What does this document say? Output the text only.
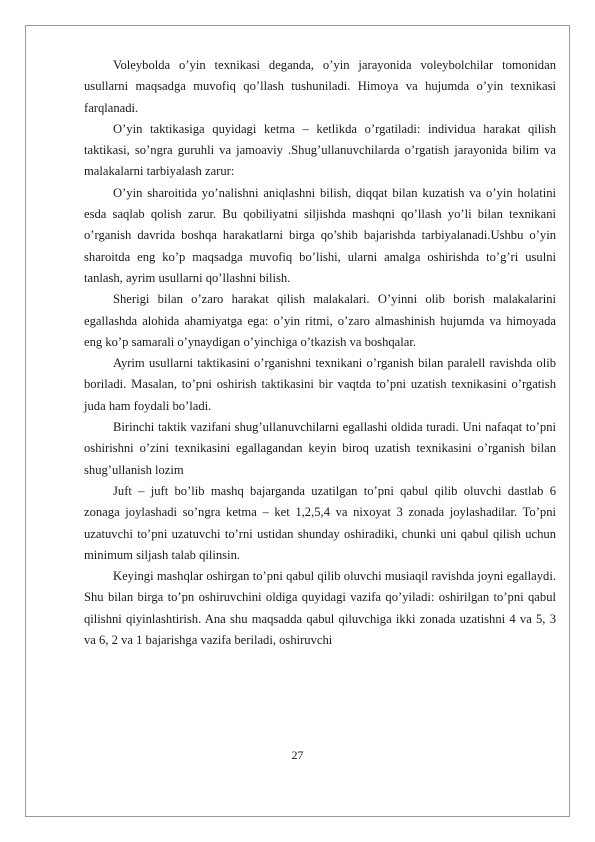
Voleybolda o’yin texnikasi deganda, o’yin jarayonida voleybolchilar tomonidan usullarni maqsadga muvofiq qo’llash tushuniladi. Himoya va hujumda o’yin texnikasi farqlanadi.

O’yin taktikasiga quyidagi ketma – ketlikda o’rgatiladi: individua harakat qilish taktikasi, so’ngra guruhli va jamoaviy .Shug’ullanuvchilarda o’rgatish jarayonida bilim va malakalarni tarbiyalash zarur:

O’yin sharoitida yo’nalishni aniqlashni bilish, diqqat bilan kuzatish va o’yin holatini esda saqlab qolish zarur. Bu qobiliyatni siljishda mashqni qo’llash yo’li bilan texnikani o’rganish davrida boshqa harakatlarni birga qo’shib bajarishda tarbiyalanadi.Ushbu o’yin sharoitda eng ko’p maqsadga muvofiq bo’lishi, ularni amalga oshirishda to’g’ri usulni tanlash, ayrim usullarni qo’llashni bilish.

Sherigi bilan o’zaro harakat qilish malakalari. O’yinni olib borish malakalarini egallashda alohida ahamiyatga ega: o’yin ritmi, o’zaro almashinish hujumda va himoyada eng ko’p samarali o’ynaydigan o’yinchiga o’tkazish va boshqalar.

Ayrim usullarni taktikasini o’rganishni texnikani o’rganish bilan paralell ravishda olib boriladi. Masalan, to’pni oshirish taktikasini bir vaqtda to’pni uzatish texnikasini o’rgatish juda ham foydali bo’ladi.

Birinchi taktik vazifani shug’ullanuvchilarni egallashi oldida turadi. Uni nafaqat to’pni oshirishni o’zini texnikasini egallagandan keyin biroq uzatish texnikasini o’rganish bilan shug’ullanish lozim

Juft – juft bo’lib mashq bajarganda uzatilgan to’pni qabul qilib oluvchi dastlab 6 zonaga joylashadi so’ngra ketma – ket 1,2,5,4 va nixoyat 3 zonada joylashadilar. To’pni uzatuvchi to’pni uzatuvchi to’rni ustidan shunday oshiradiki, chunki uni qabul qilish uchun minimum siljash talab qilinsin.

Keyingi mashqlar oshirgan to’pni qabul qilib oluvchi musiaqil ravishda joyni egallaydi. Shu bilan birga to’pn oshiruvchini oldiga quyidagi vazifa qo’yiladi: oshirilgan to’pni qabul qilishni qiyinlashtirish. Ana shu maqsadda qabul qiluvchiga ikki zonada uzatishni 4 va 5, 3 va 6, 2 va 1 bajarishga vazifa beriladi, oshiruvchi

27
